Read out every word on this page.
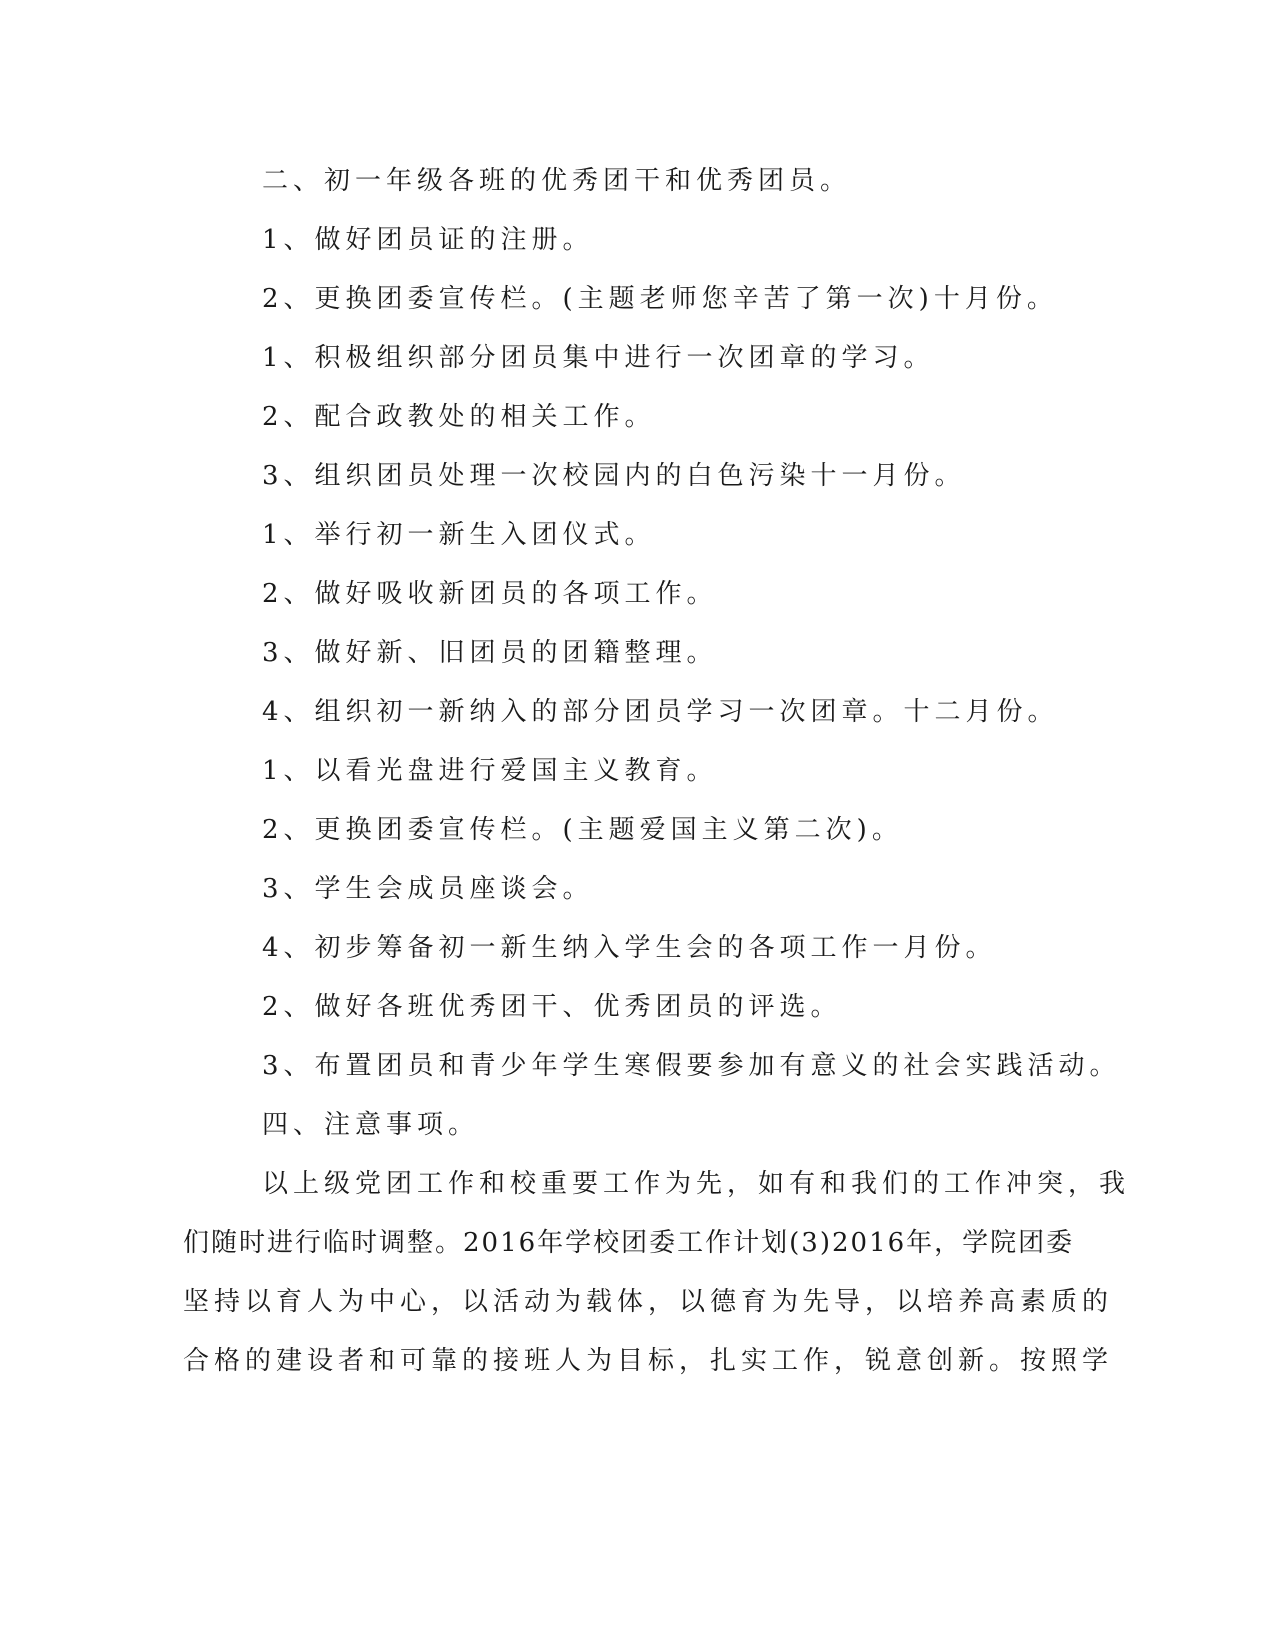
二、初一年级各班的优秀团干和优秀团员。
1、做好团员证的注册。
2、更换团委宣传栏。(主题老师您辛苦了第一次)十月份。
1、积极组织部分团员集中进行一次团章的学习。
2、配合政教处的相关工作。
3、组织团员处理一次校园内的白色污染十一月份。
1、举行初一新生入团仪式。
2、做好吸收新团员的各项工作。
3、做好新、旧团员的团籍整理。
4、组织初一新纳入的部分团员学习一次团章。十二月份。
1、以看光盘进行爱国主义教育。
2、更换团委宣传栏。(主题爱国主义第二次)。
3、学生会成员座谈会。
4、初步筹备初一新生纳入学生会的各项工作一月份。
2、做好各班优秀团干、优秀团员的评选。
3、布置团员和青少年学生寒假要参加有意义的社会实践活动。
四、注意事项。
以上级党团工作和校重要工作为先，如有和我们的工作冲突，我
们随时进行临时调整。2016年学校团委工作计划(3)2016年，学院团委
坚持以育人为中心，以活动为载体，以德育为先导，以培养高素质的
合格的建设者和可靠的接班人为目标，扎实工作，锐意创新。按照学
